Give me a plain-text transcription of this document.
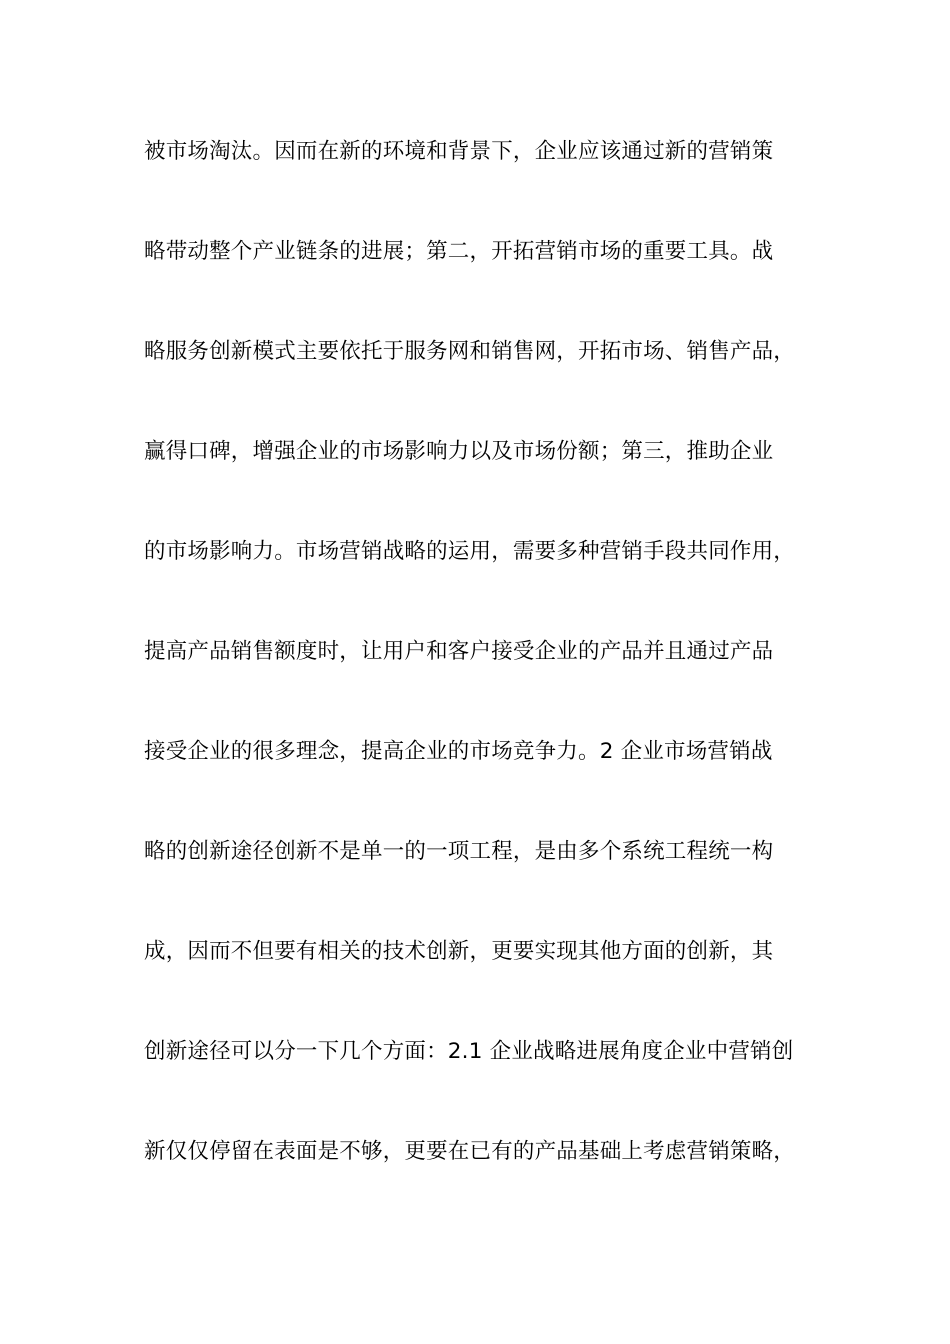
被市场淘汰。因而在新的环境和背景下，企业应该通过新的营销策
略带动整个产业链条的进展；第二，开拓营销市场的重要工具。战
略服务创新模式主要依托于服务网和销售网，开拓市场、销售产品，
赢得口碑，增强企业的市场影响力以及市场份额；第三，推助企业
的市场影响力。市场营销战略的运用，需要多种营销手段共同作用，
提高产品销售额度时，让用户和客户接受企业的产品并且通过产品
接受企业的很多理念，提高企业的市场竞争力。2 企业市场营销战
略的创新途径创新不是单一的一项工程，是由多个系统工程统一构
成，因而不但要有相关的技术创新，更要实现其他方面的创新，其
创新途径可以分一下几个方面：2.1 企业战略进展角度企业中营销创
新仅仅停留在表面是不够，更要在已有的产品基础上考虑营销策略，
